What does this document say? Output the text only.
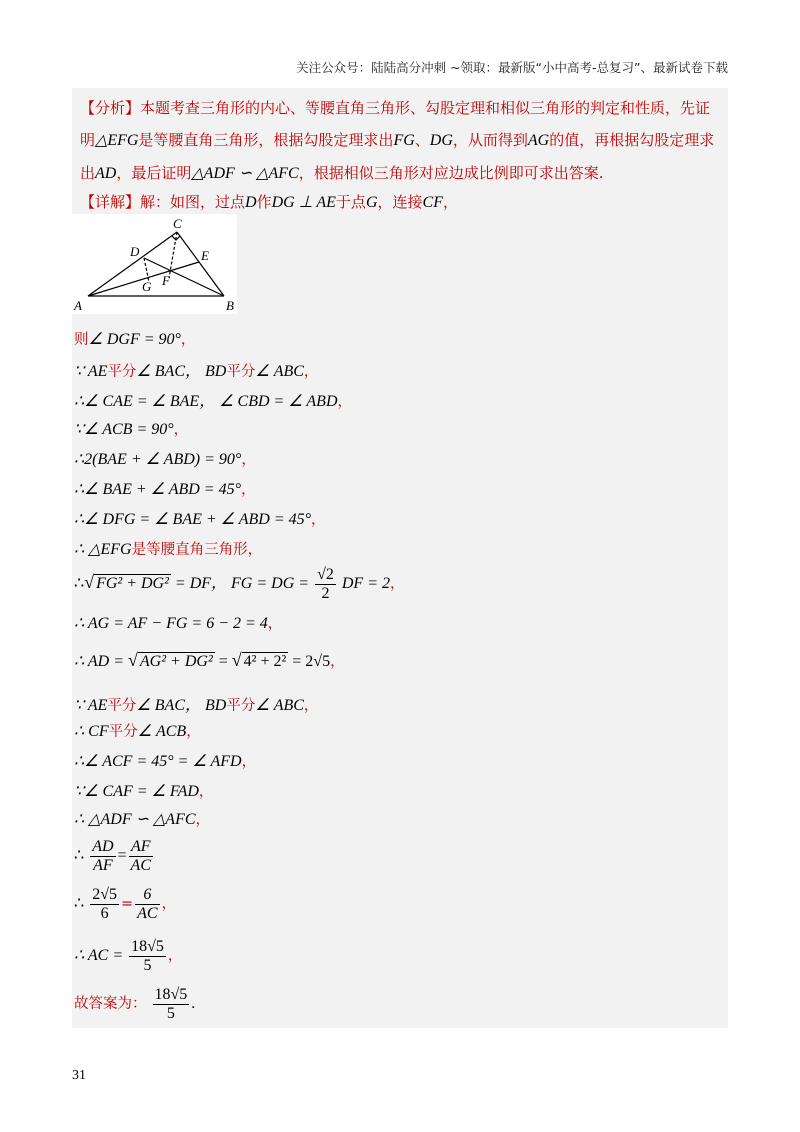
关注公众号：陆陆高分冲刺 ~领取：最新版“小中高考-总复习”、最新试卷下载
【分析】本题考查三角形的内心、等腰直角三角形、勾股定理和相似三角形的判定和性质，先证明△EFG是等腰直角三角形，根据勾股定理求出FG、DG，从而得到AG的值，再根据勾股定理求出AD，最后证明△ADF ∽ △AFC，根据相似三角形对应边成比例即可求出答案.
【详解】解：如图，过点D作DG ⊥ AE于点G，连接CF，
C
D	E
F
G
A	B
则∠ DGF = 90°，
∵ AE平分∠ BAC， BD平分∠ ABC，
∴∠ CAE = ∠ BAE， ∠ CBD = ∠ ABD，
∵∠ ACB = 90°，
∴2(BAE + ∠ ABD) = 90°，
∴∠ BAE + ∠ ABD = 45°，
∴∠ DFG = ∠ BAE + ∠ ABD = 45°，
∴ △EFG是等腰直角三角形，
∴√ FG² + DG² = DF， FG = DG = $\frac{√2}{2}$ DF = 2，
∴ AG = AF − FG = 6 − 2 = 4，
∴ AD = √ AG² + DG² = √ 4² + 2² = 2√5，
∵ AE平分∠ BAC， BD平分∠ ABC，
∴ CF平分∠ ACB，
∴∠ ACF = 45° = ∠ AFD，
∵∠ CAF = ∠ FAD，
∴ △ADF ∽ △AFC，
∴ $\frac{AD}{AF} = \frac{AF}{AC}$
∴ $\frac{2√5}{6} = \frac{6}{AC}$ ，
∴ AC = $\frac{18√5}{5}$ ，
故答案为： $\frac{18√5}{5}$ .
31
